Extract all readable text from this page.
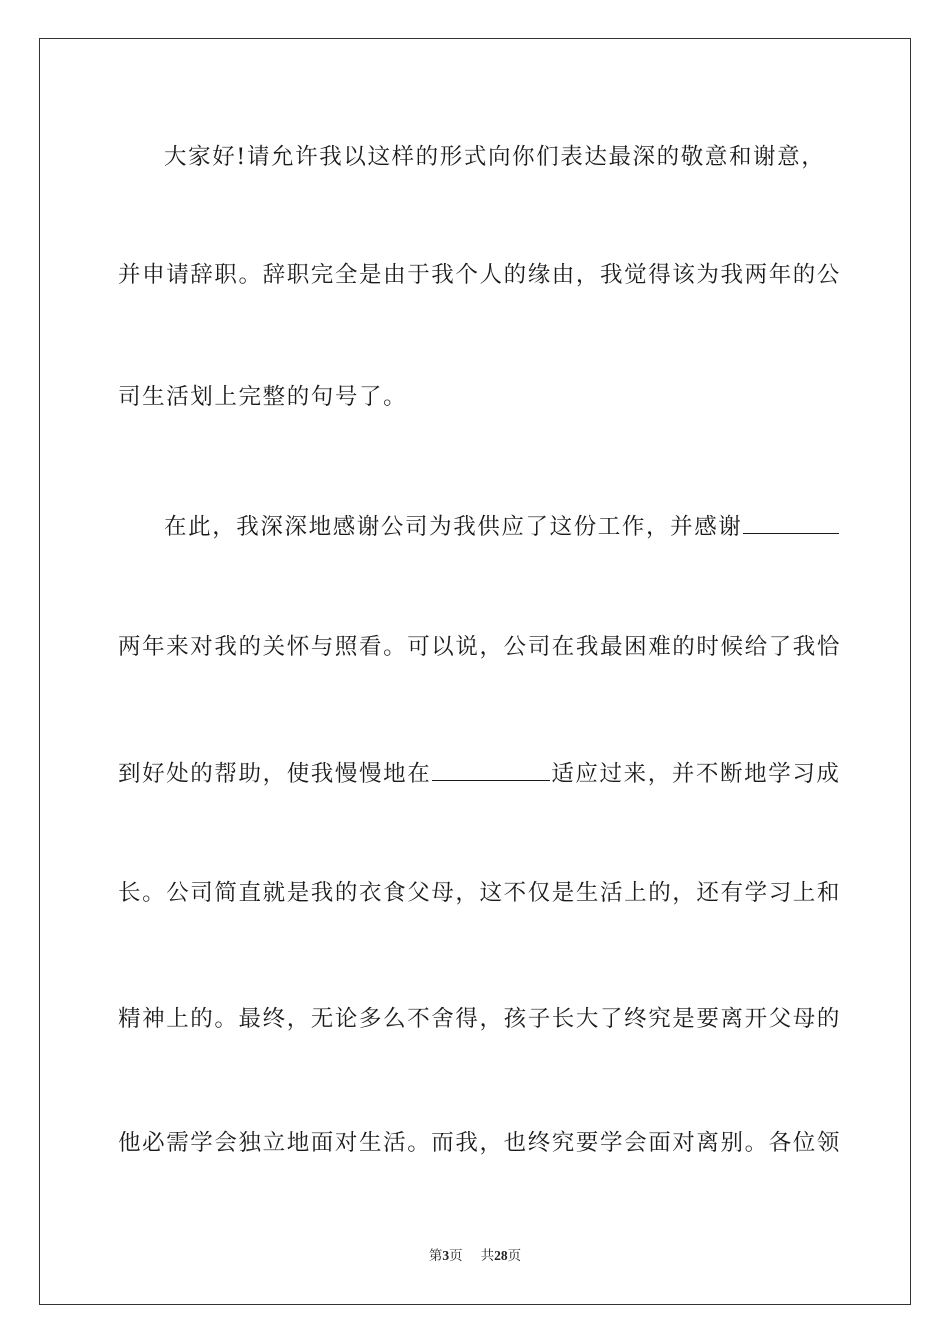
大家好!请允许我以这样的形式向你们表达最深的敬意和谢意，
并申请辞职。辞职完全是由于我个人的缘由，我觉得该为我两年的公
司生活划上完整的句号了。
在此，我深深地感谢公司为我供应了这份工作，并感谢
两年来对我的关怀与照看。可以说，公司在我最困难的时候给了我恰
到好处的帮助，使我慢慢地在	适应过来，并不断地学习成
长。公司简直就是我的衣食父母，这不仅是生活上的，还有学习上和
精神上的。最终，无论多么不舍得，孩子长大了终究是要离开父母的
他必需学会独立地面对生活。而我，也终究要学会面对离别。各位领
第3页 共28页
